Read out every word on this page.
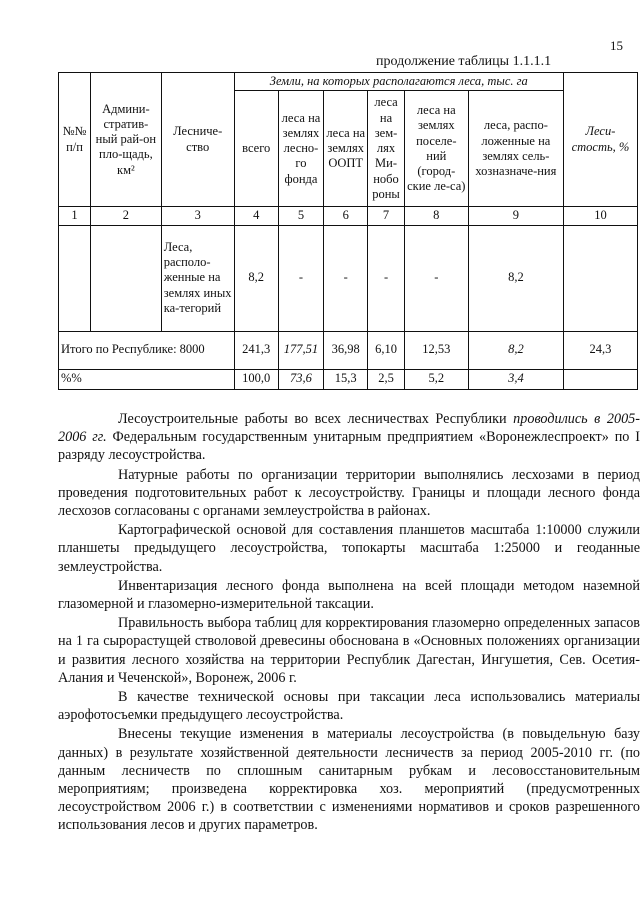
15
продолжение таблицы 1.1.1.1
№№ п/п	Админи-стратив-ный рай-он пло-щадь, км²	Лесниче-ство	Земли, на которых располагаются леса, тыс. га						Леси-стость, %
			всего	леса на землях лесно-го фонда	леса на землях ООПТ	леса на зем-лях Ми-нобо роны	леса на землях поселе-ний (город-ские ле-са)	леса, распо-ложенные на землях сель-хозназначе-ния	
1	2	3	4	5	6	7	8	9	10
		Леса, располо-женные на землях иных ка-тегорий	8,2	-	-	-	-	8,2	
Итого по Республике: 8000			241,3	177,51	36,98	6,10	12,53	8,2	24,3
%%			100,0	73,6	15,3	2,5	5,2	3,4	

Лесоустроительные работы во всех лесничествах Республики проводились в 2005-2006 гг. Федеральным государственным унитарным предприятием «Воронежлеспроект» по I разряду лесоустройства.

Натурные работы по организации территории выполнялись лесхозами в период проведения подготовительных работ к лесоустройству. Границы и площади лесного фонда лесхозов согласованы с органами землеустройства в районах.

Картографической основой для составления планшетов масштаба 1:10000 служили планшеты предыдущего лесоустройства, топокарты масштаба 1:25000 и геоданные землеустройства.

Инвентаризация лесного фонда выполнена на всей площади методом наземной глазомерной и глазомерно-измерительной таксации.

Правильность выбора таблиц для корректирования глазомерно определенных запасов на 1 га сырорастущей стволовой древесины обоснована в «Основных положениях организации и развития лесного хозяйства на территории Республик Дагестан, Ингушетия, Сев. Осетия-Алания и Чеченской», Воронеж, 2006 г.

В качестве технической основы при таксации леса использовались материалы аэрофотосъемки предыдущего лесоустройства.

Внесены текущие изменения в материалы лесоустройства (в повыдельную базу данных) в результате хозяйственной деятельности лесничеств за период 2005-2010 гг. (по данным лесничеств по сплошным санитарным рубкам и лесовосстановительным мероприятиям; произведена корректировка хоз. мероприятий (предусмотренных лесоустройством 2006 г.) в соответствии с изменениями нормативов и сроков разрешенного использования лесов и других параметров.
